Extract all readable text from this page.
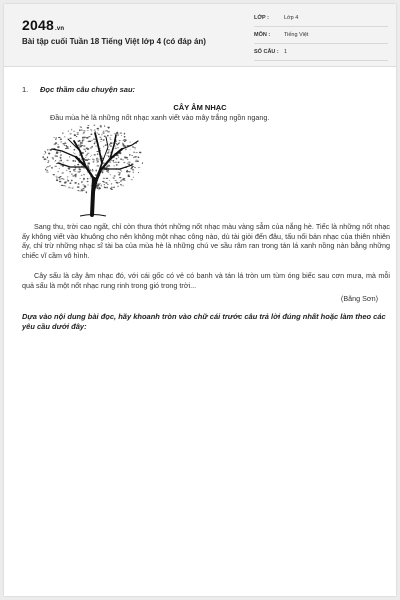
2048.vn
Bài tập cuối Tuần 18 Tiếng Việt lớp 4 (có đáp án)
LỚP :	Lớp 4
MÔN :	Tiếng Việt
SỐ CÂU : 1
1. Đọc thầm câu chuyện sau:
CÂY ÂM NHẠC
Đầu mùa hè là những nốt nhạc xanh viết vào mây trắng ngồn ngang.
Sang thu, trời cao ngất, chỉ còn thưa thớt những nốt nhạc màu vàng sẫm của nắng hè. Tiếc là những nốt nhạc ấy không viết vào khuông cho nên không một nhạc công nào, dù tài giỏi đến đâu, tấu nổi bản nhạc của thiên nhiên ấy, chỉ trừ những nhạc sĩ tài ba của mùa hè là những chú ve sầu râm ran trong tán lá xanh nồng nàn bằng những chiếc vĩ cầm vô hình.
Cây sấu là cây âm nhạc đó, với cái gốc có vẻ có banh và tán lá tròn um tùm óng biếc sau cơn mưa, mà mỗi quả sấu là một nốt nhạc rung rinh trong gió trong trời...
(Băng Sơn)
Dựa vào nội dung bài đọc, hãy khoanh tròn vào chữ cái trước câu trả lời đúng nhất hoặc làm theo các yêu cầu dưới đây:
